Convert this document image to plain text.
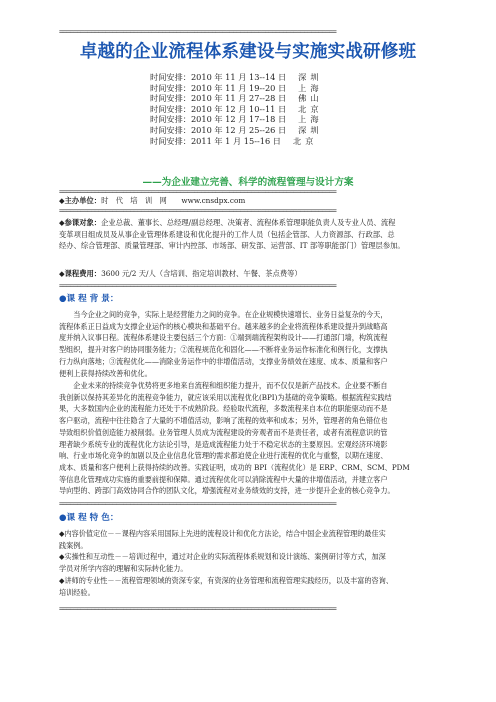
==============================================================================
卓越的企业流程体系建设与实施实战研修班
时间安排：2010 年 11 月 13--14 日 深圳
时间安排：2010 年 11 月 19--20 日 上海
时间安排：2010 年 11 月 27--28 日 佛山
时间安排：2010 年 12 月 10--11 日 北京
时间安排：2010 年 12 月 17--18 日 上海
时间安排：2010 年 12 月 25--26 日 深圳
时间安排：2011 年 1 月 15--16 日 北京
——为企业建立完善、科学的流程管理与设计方案
==============================================================================
◆主办单位：时　代　培　训　网　　www.cnsdpx.com
==============================================================================
◆参课对象：企业总裁、董事长、总经理/副总经理、决策者、流程体系管理职能负责人及专业人员、流程
变革项目组成员及从事企业管理体系建设和优化提升的工作人员（包括企管部、人力资源部、行政部、总
经办、综合管理部、质量管理部、审计内控部、市场部、研发部、运营部、IT 部等职能部门）管理层参加。
◆课程费用：3600 元/2 天/人（含培训、指定培训教材、午餐、茶点费等）
==============================================================================
●课 程 背 景：
当今企业之间的竞争，实际上是经营能力之间的竞争。在企业规模快速增长、业务日益复杂的今天，
流程体系正日益成为支撑企业运作的核心模块和基础平台。越来越多的企业将流程体系建设提升到战略高
度并纳入议事日程。流程体系建设主要包括三个方面：①端到端流程架构设计——打通部门墙，构筑流程
型组织，提升对客户的协同服务能力；②流程规范化和固化——不断将业务运作标准化和例行化，支撑执
行力纵向落地；③流程优化——消除业务运作中的非增值活动，支撑业务绩效在速度、成本、质量和客户
便利上获得持续改善和优化。
企业未来的持续竞争优势将更多地来自流程和组织能力提升，而不仅仅是新产品技术。企业要不断自
我创新以保持其差异化的流程竞争能力，就应该采用以流程优化(BPI)为基础的竞争策略。根据流程实践结
果，大多数国内企业的流程能力还处于不成熟阶段。经验取代流程，多数流程来自本位的职能驱动而不是
客户驱动，流程中往往隐含了大量的不增值活动，影响了流程的效率和成本；另外，管理者的角色错位也
导致组织价值创造能力被削弱。业务管理人员成为流程建设的旁观者而不是责任者，或者有流程意识的管
理者缺少系统专业的流程优化方法论引导，是造成流程能力处于不稳定状态的主要原因。宏观经济环境影
响、行业市场化竞争的加剧以及企业信息化管理的需求都迫使企业进行流程的优化与重整，以期在速度、
成本、质量和客户便利上获得持续的改善。实践证明，成功的 BPI（流程优化）是 ERP、CRM、SCM、PDM
等信息化管理成功实施的重要前提和保障。通过流程优化可以消除流程中大量的非增值活动，并建立客户
导向型的、跨部门高效协同合作的团队文化，增强流程对业务绩效的支持，进一步提升企业的核心竞争力。
==============================================================================
●课 程 特 色：
◆内容价值定位－－课程内容采用国际上先进的流程设计和优化方法论，结合中国企业流程管理的最佳实
践案例。
◆实操性和互动性－－培训过程中，通过对企业的实际流程体系规划和设计演练、案例研讨等方式，加深
学员对所学内容的理解和实际转化能力。
◆讲师的专业性－－流程管理领域的资深专家，有资深的业务管理和流程管理实践经历，以及丰富的咨询、
培训经验。
==============================================================================
